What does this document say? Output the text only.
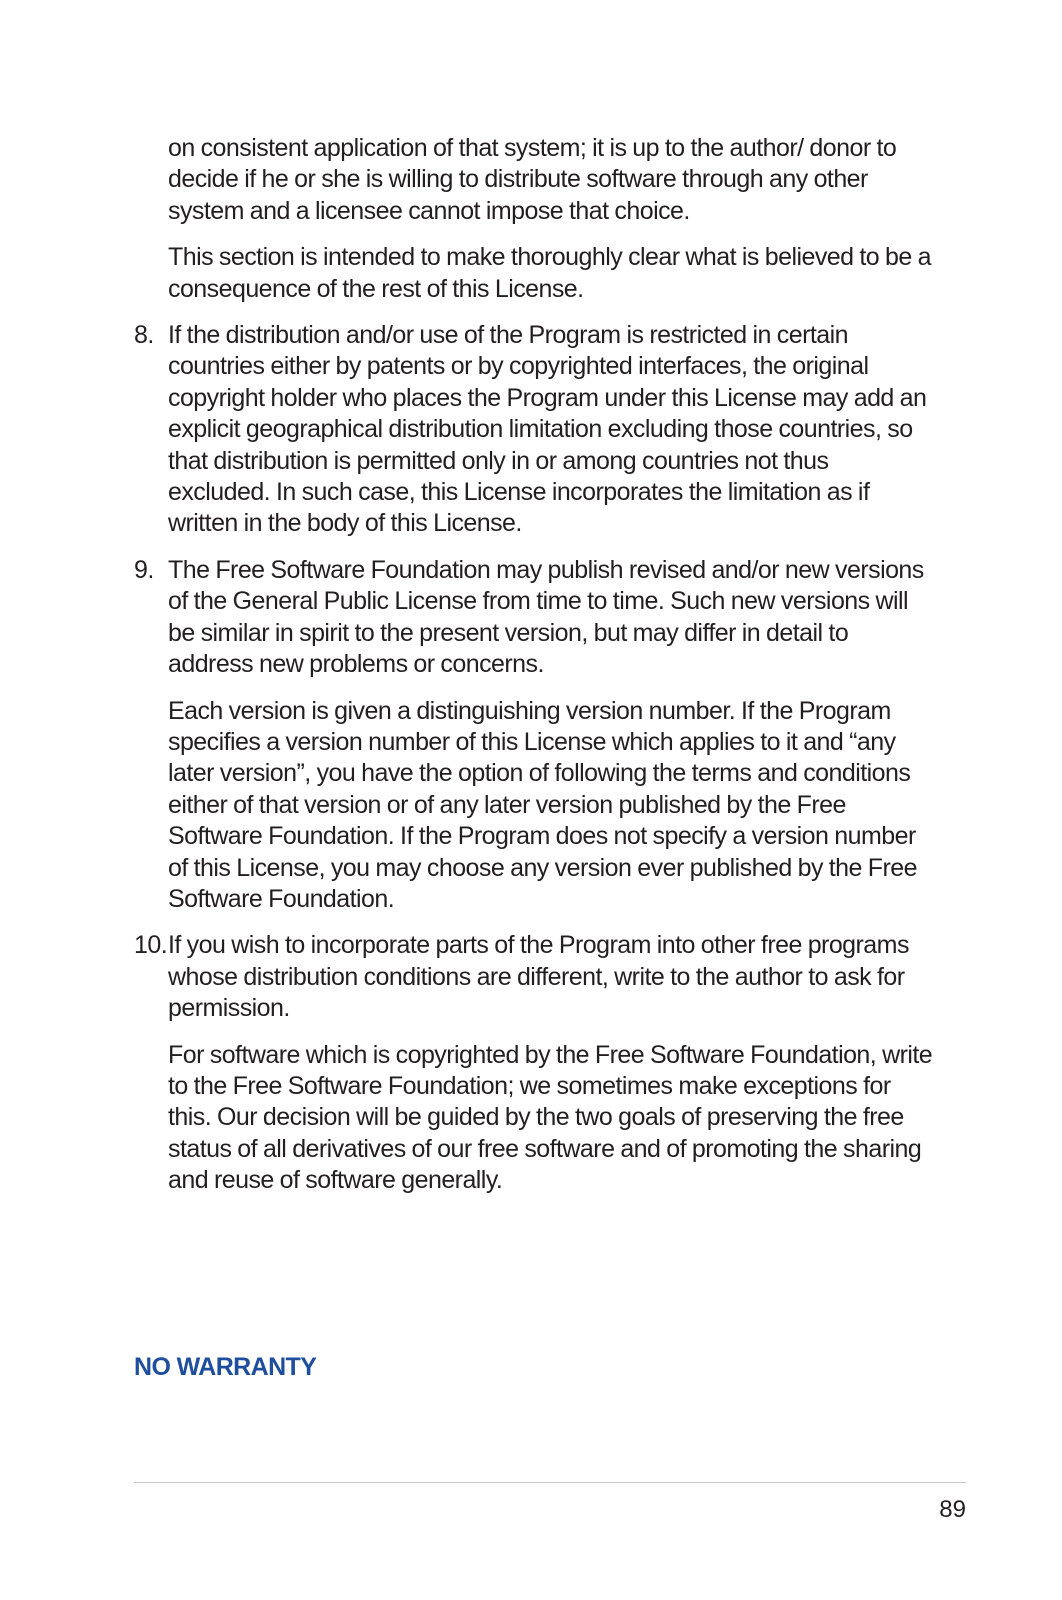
on consistent application of that system; it is up to the author/ donor to decide if he or she is willing to distribute software through any other system and a licensee cannot impose that choice.

This section is intended to make thoroughly clear what is believed to be a consequence of the rest of this License.

8. If the distribution and/or use of the Program is restricted in certain countries either by patents or by copyrighted interfaces, the original copyright holder who places the Program under this License may add an explicit geographical distribution limitation excluding those countries, so that distribution is permitted only in or among countries not thus excluded. In such case, this License incorporates the limitation as if written in the body of this License.
9. The Free Software Foundation may publish revised and/or new versions of the General Public License from time to time. Such new versions will be similar in spirit to the present version, but may differ in detail to address new problems or concerns.

Each version is given a distinguishing version number. If the Program specifies a version number of this License which applies to it and “any later version”, you have the option of following the terms and conditions either of that version or of any later version published by the Free Software Foundation. If the Program does not specify a version number of this License, you may choose any version ever published by the Free Software Foundation.

10. If you wish to incorporate parts of the Program into other free programs whose distribution conditions are different, write to the author to ask for permission.

For software which is copyrighted by the Free Software Foundation, write to the Free Software Foundation; we sometimes make exceptions for this. Our decision will be guided by the two goals of preserving the free status of all derivatives of our free software and of promoting the sharing and reuse of software generally.

NO WARRANTY
89
